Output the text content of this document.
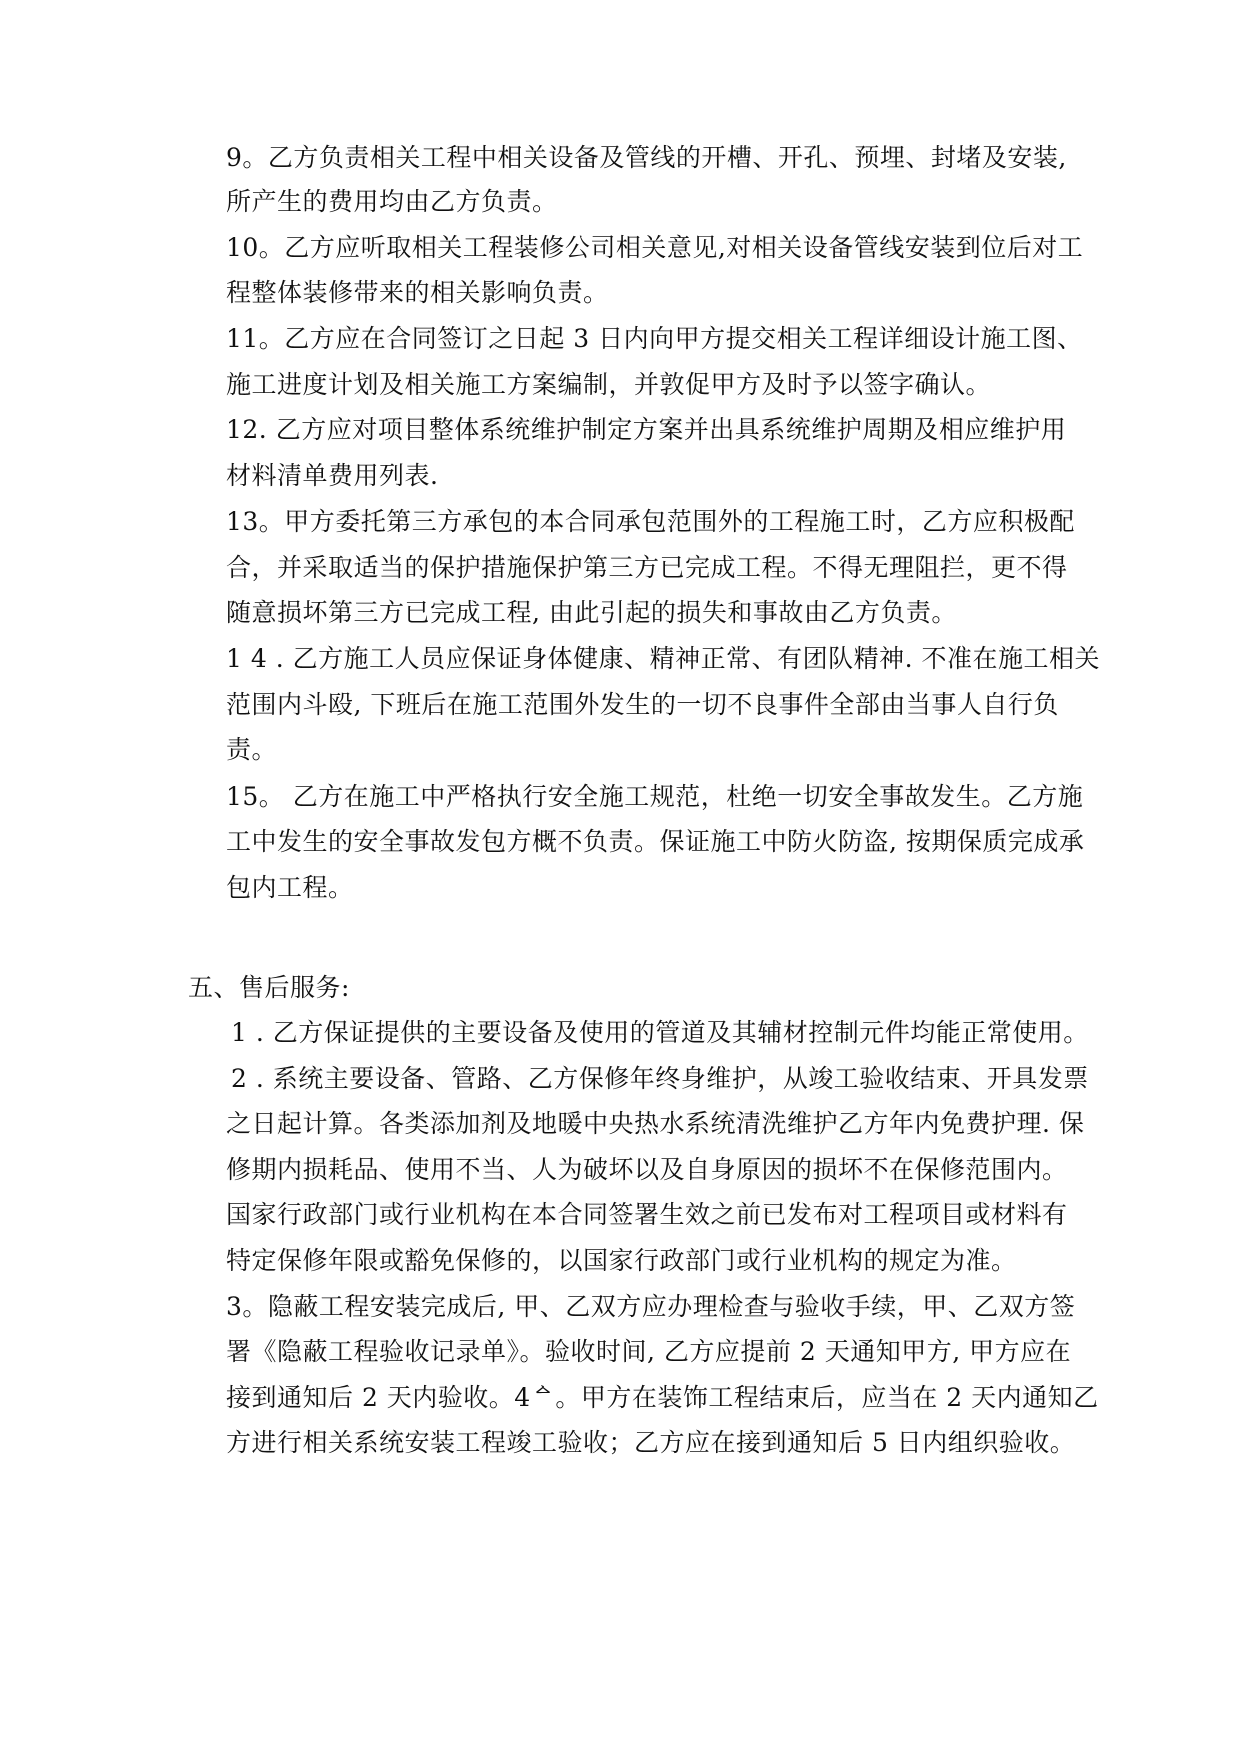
9。乙方负责相关工程中相关设备及管线的开槽、开孔、预埋、封堵及安装,
所产生的费用均由乙方负责。
10。乙方应听取相关工程装修公司相关意见,对相关设备管线安装到位后对工
程整体装修带来的相关影响负责。
11。乙方应在合同签订之日起 3 日内向甲方提交相关工程详细设计施工图、
施工进度计划及相关施工方案编制，并敦促甲方及时予以签字确认。
12. 乙方应对项目整体系统维护制定方案并出具系统维护周期及相应维护用
材料清单费用列表.
13。甲方委托第三方承包的本合同承包范围外的工程施工时，乙方应积极配
合，并采取适当的保护措施保护第三方已完成工程。不得无理阻拦，更不得
随意损坏第三方已完成工程, 由此引起的损失和事故由乙方负责。
1 4 . 乙方施工人员应保证身体健康、精神正常、有团队精神. 不准在施工相关
范围内斗殴, 下班后在施工范围外发生的一切不良事件全部由当事人自行负
责。
15。 乙方在施工中严格执行安全施工规范，杜绝一切安全事故发生。乙方施
工中发生的安全事故发包方概不负责。保证施工中防火防盗, 按期保质完成承
包内工程。
五、售后服务:
1 . 乙方保证提供的主要设备及使用的管道及其辅材控制元件均能正常使用。
2 . 系统主要设备、管路、乙方保修年终身维护，从竣工验收结束、开具发票
之日起计算。各类添加剂及地暖中央热水系统清洗维护乙方年内免费护理. 保
修期内损耗品、使用不当、人为破坏以及自身原因的损坏不在保修范围内。
国家行政部门或行业机构在本合同签署生效之前已发布对工程项目或材料有
特定保修年限或豁免保修的，以国家行政部门或行业机构的规定为准。
3。隐蔽工程安装完成后, 甲、乙双方应办理检查与验收手续，甲、乙双方签
署《隐蔽工程验收记录单》。验收时间, 乙方应提前 2 天通知甲方, 甲方应在
接到通知后 2 天内验收。4ᅀ。甲方在装饰工程结束后，应当在 2 天内通知乙
方进行相关系统安装工程竣工验收；乙方应在接到通知后 5 日内组织验收。
